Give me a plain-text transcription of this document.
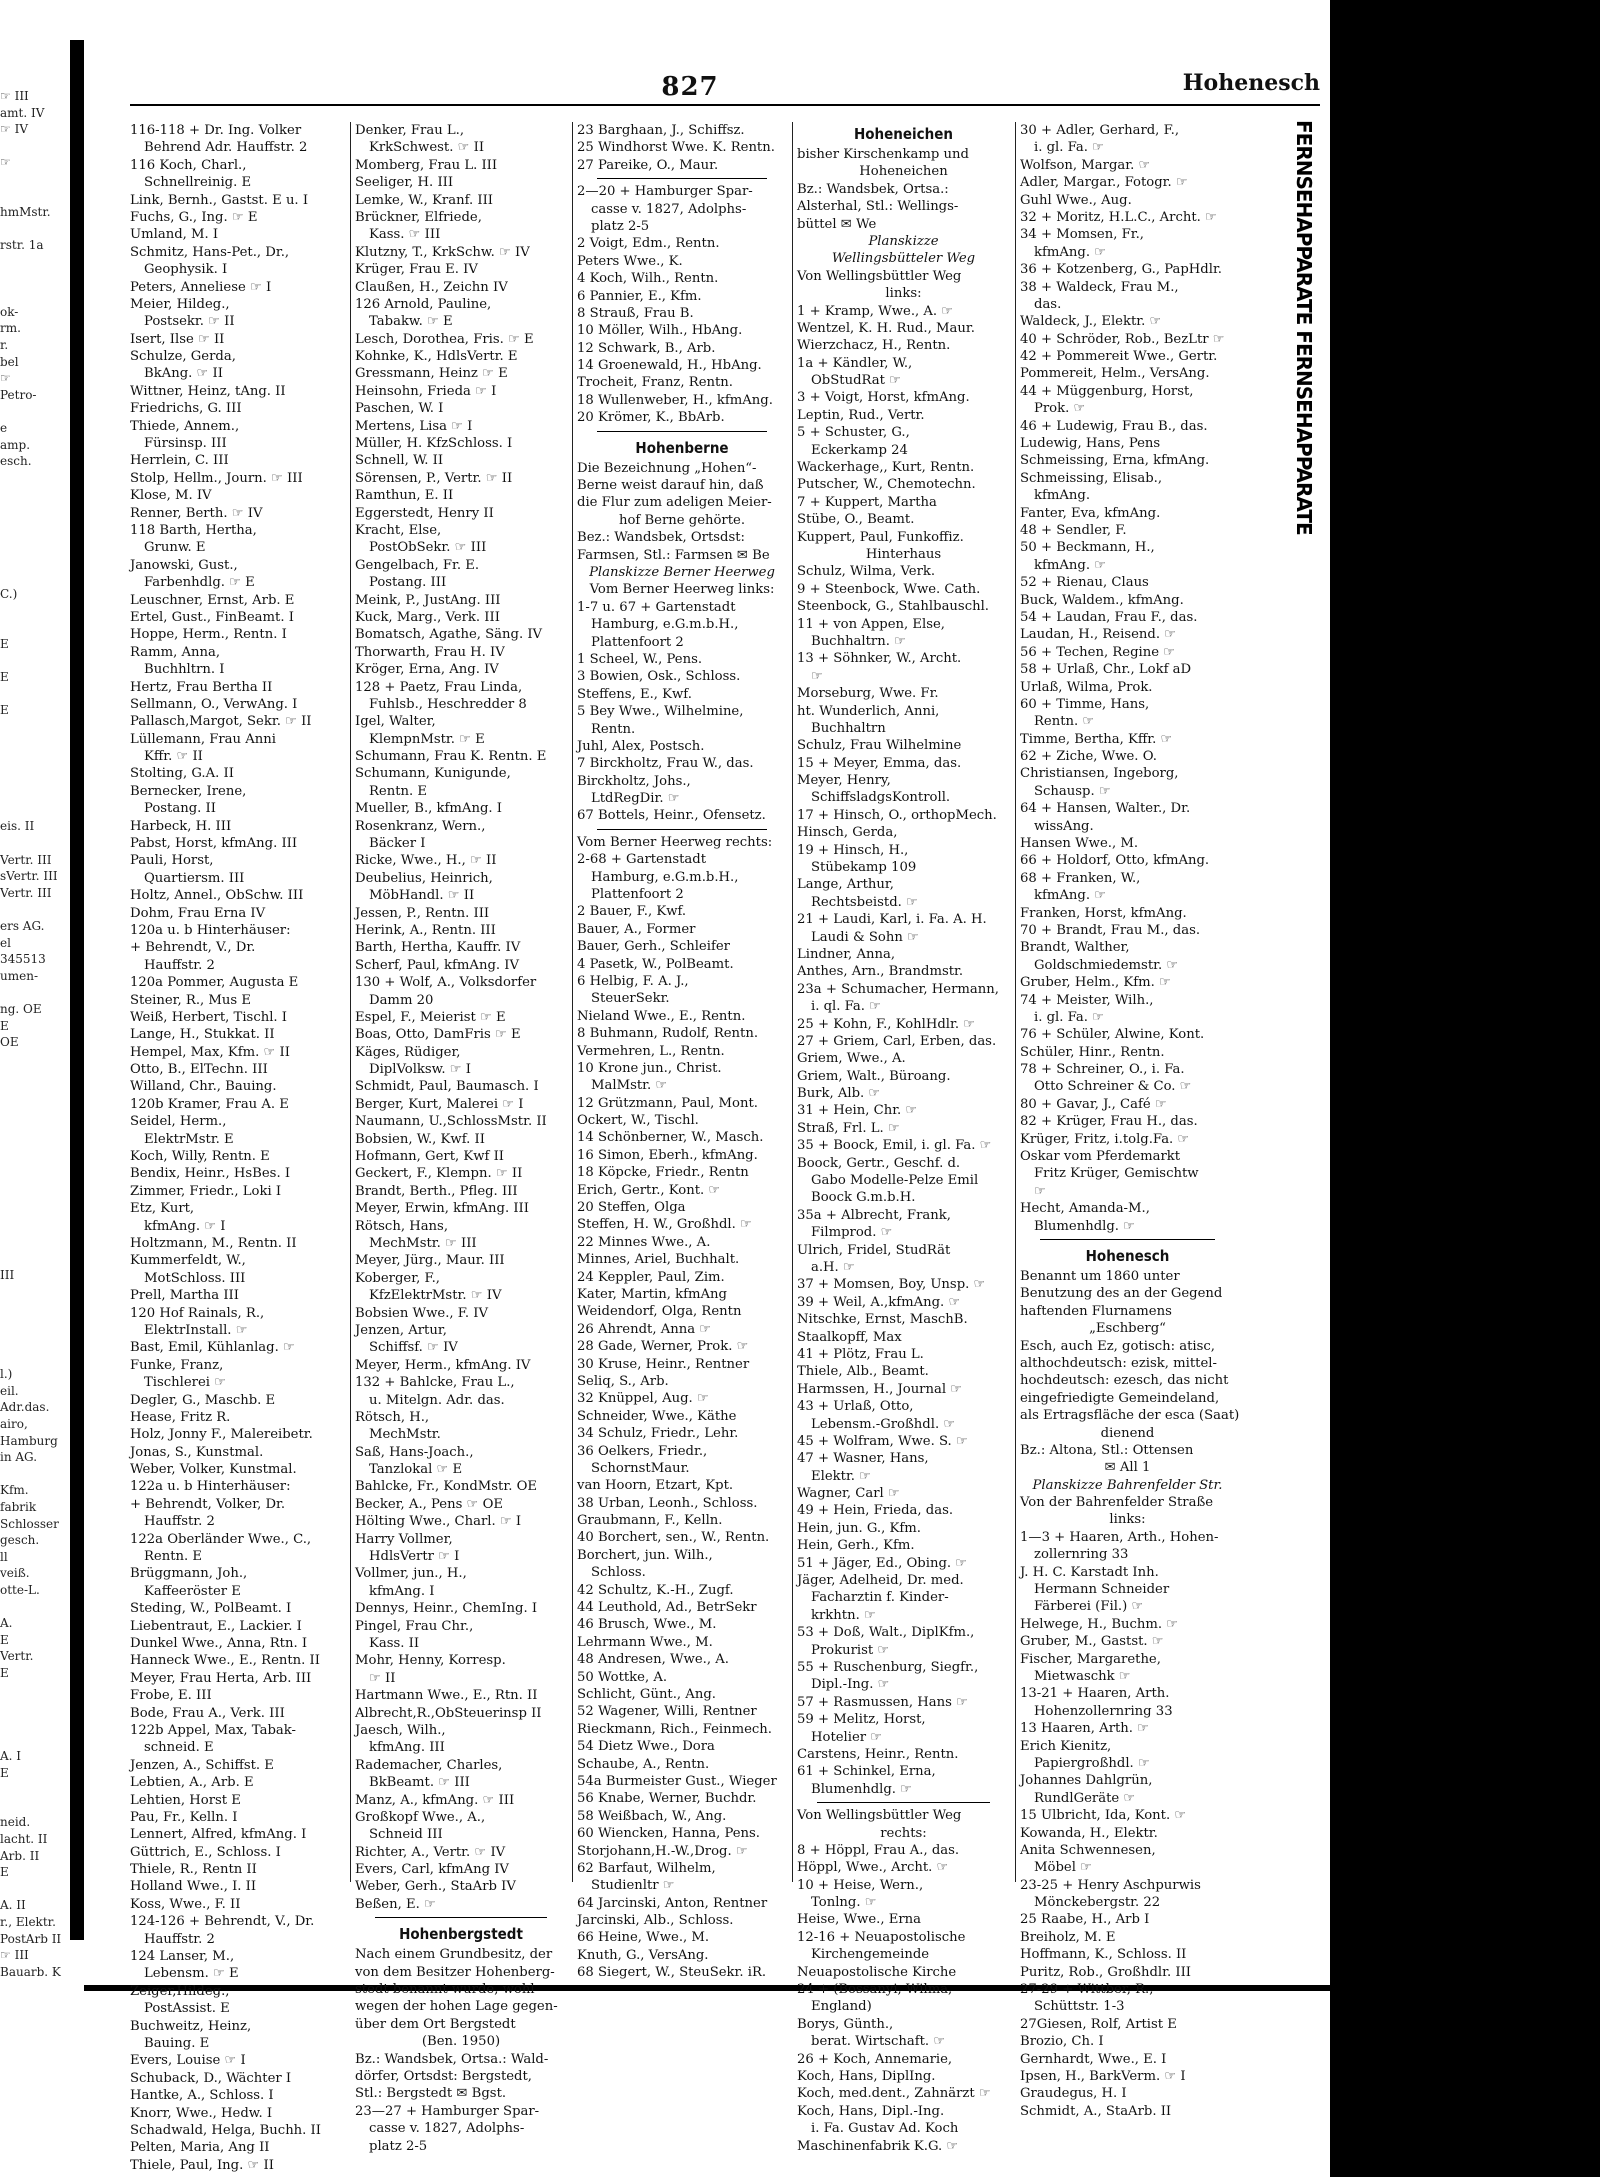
☞ III
amt. IV
☞ IV
☞
hmMstr.
rstr. 1a
ok-
rm.
r.
bel
☞
Petro-
e
amp.
esch.
C.)
E
E
E
eis. II
Vertr. III
sVertr. III
Vertr. III
ers AG.
el
345513
umen-
ng. OE
E
OE
III
l.)
eil.
Adr.das.
airo,
Hamburg
in AG.
Kfm.
fabrik
Schlosser
gesch.
ll
veiß.
otte-L.
A.
E
Vertr.
E
A. I
E
neid.
lacht. II
Arb. II
E
A. II
r., Elektr.
PostArb II
☞ III
Bauarb. K
827	Hohenesch
FERNSEHAPPARATE FERNSEHAPPARATE
116-118 + Dr. Ing. Volker
Behrend Adr. Hauffstr. 2
116 Koch, Charl.,
Schnellreinig. E
Link, Bernh., Gastst. E u. I
Fuchs, G., Ing. ☞ E
Umland, M. I
Schmitz, Hans-Pet., Dr.,
Geophysik. I
Peters, Anneliese ☞ I
Meier, Hildeg.,
Postsekr. ☞ II
Isert, Ilse ☞ II
Schulze, Gerda,
BkAng. ☞ II
Wittner, Heinz, tAng. II
Friedrichs, G. III
Thiede, Annem.,
Fürsinsp. III
Herrlein, C. III
Stolp, Hellm., Journ. ☞ III
Klose, M. IV
Renner, Berth. ☞ IV
118 Barth, Hertha,
Grunw. E
Janowski, Gust.,
Farbenhdlg. ☞ E
Leuschner, Ernst, Arb. E
Ertel, Gust., FinBeamt. I
Hoppe, Herm., Rentn. I
Ramm, Anna,
Buchhltrn. I
Hertz, Frau Bertha II
Sellmann, O., VerwAng. I
Pallasch,Margot, Sekr. ☞ II
Lüllemann, Frau Anni
Kffr. ☞ II
Stolting, G.A. II
Bernecker, Irene,
Postang. II
Harbeck, H. III
Pabst, Horst, kfmAng. III
Pauli, Horst,
Quartiersm. III
Holtz, Annel., ObSchw. III
Dohm, Frau Erna IV
120a u. b Hinterhäuser:
+ Behrendt, V., Dr.
Hauffstr. 2
120a Pommer, Augusta E
Steiner, R., Mus E
Weiß, Herbert, Tischl. I
Lange, H., Stukkat. II
Hempel, Max, Kfm. ☞ II
Otto, B., ElTechn. III
Willand, Chr., Bauing.
120b Kramer, Frau A. E
Seidel, Herm.,
ElektrMstr. E
Koch, Willy, Rentn. E
Bendix, Heinr., HsBes. I
Zimmer, Friedr., Loki I
Etz, Kurt,
kfmAng. ☞ I
Holtzmann, M., Rentn. II
Kummerfeldt, W.,
MotSchloss. III
Prell, Martha III
120 Hof Rainals, R.,
ElektrInstall. ☞
Bast, Emil, Kühlanlag. ☞
Funke, Franz,
Tischlerei ☞
Degler, G., Maschb. E
Hease, Fritz R.
Holz, Jonny F., Malereibetr.
Jonas, S., Kunstmal.
Weber, Volker, Kunstmal.
122a u. b Hinterhäuser:
+ Behrendt, Volker, Dr.
Hauffstr. 2
122a Oberländer Wwe., C.,
Rentn. E
Brüggmann, Joh.,
Kaffeeröster E
Steding, W., PolBeamt. I
Liebentraut, E., Lackier. I
Dunkel Wwe., Anna, Rtn. I
Hanneck Wwe., E., Rentn. II
Meyer, Frau Herta, Arb. III
Frobe, E. III
Bode, Frau A., Verk. III
122b Appel, Max, Tabak-
schneid. E
Jenzen, A., Schiffst. E
Lebtien, A., Arb. E
Lehtien, Horst E
Pau, Fr., Kelln. I
Lennert, Alfred, kfmAng. I
Güttrich, E., Schloss. I
Thiele, R., Rentn II
Holland Wwe., I. II
Koss, Wwe., F. II
124-126 + Behrendt, V., Dr.
Hauffstr. 2
124 Lanser, M.,
Lebensm. ☞ E
Zeiger,Hildeg.,
PostAssist. E
Buchweitz, Heinz,
Bauing. E
Evers, Louise ☞ I
Schuback, D., Wächter I
Hantke, A., Schloss. I
Knorr, Wwe., Hedw. I
Schadwald, Helga, Buchh. II
Pelten, Maria, Ang II
Thiele, Paul, Ing. ☞ II
Denker, Frau L.,
KrkSchwest. ☞ II
Momberg, Frau L. III
Seeliger, H. III
Lemke, W., Kranf. III
Brückner, Elfriede,
Kass. ☞ III
Klutzny, T., KrkSchw. ☞ IV
Krüger, Frau E. IV
Claußen, H., Zeichn IV
126 Arnold, Pauline,
Tabakw. ☞ E
Lesch, Dorothea, Fris. ☞ E
Kohnke, K., HdlsVertr. E
Gressmann, Heinz ☞ E
Heinsohn, Frieda ☞ I
Paschen, W. I
Mertens, Lisa ☞ I
Müller, H. KfzSchloss. I
Schnell, W. II
Sörensen, P., Vertr. ☞ II
Ramthun, E. II
Eggerstedt, Henry II
Kracht, Else,
PostObSekr. ☞ III
Gengelbach, Fr. E.
Postang. III
Meink, P., JustAng. III
Kuck, Marg., Verk. III
Bomatsch, Agathe, Säng. IV
Thorwarth, Frau H. IV
Kröger, Erna, Ang. IV
128 + Paetz, Frau Linda,
Fuhlsb., Heschredder 8
Igel, Walter,
KlempnMstr. ☞ E
Schumann, Frau K. Rentn. E
Schumann, Kunigunde,
Rentn. E
Mueller, B., kfmAng. I
Rosenkranz, Wern.,
Bäcker I
Ricke, Wwe., H., ☞ II
Deubelius, Heinrich,
MöbHandl. ☞ II
Jessen, P., Rentn. III
Herink, A., Rentn. III
Barth, Hertha, Kauffr. IV
Scherf, Paul, kfmAng. IV
130 + Wolf, A., Volksdorfer
Damm 20
Espel, F., Meierist ☞ E
Boas, Otto, DamFris ☞ E
Käges, Rüdiger,
DiplVolksw. ☞ I
Schmidt, Paul, Baumasch. I
Berger, Kurt, Malerei ☞ I
Naumann, U.,SchlossMstr. II
Bobsien, W., Kwf. II
Hofmann, Gert, Kwf II
Geckert, F., Klempn. ☞ II
Brandt, Berth., Pfleg. III
Meyer, Erwin, kfmAng. III
Rötsch, Hans,
MechMstr. ☞ III
Meyer, Jürg., Maur. III
Koberger, F.,
KfzElektrMstr. ☞ IV
Bobsien Wwe., F. IV
Jenzen, Artur,
Schiffsf. ☞ IV
Meyer, Herm., kfmAng. IV
132 + Bahlcke, Frau L.,
u. Mitelgn. Adr. das.
Rötsch, H.,
MechMstr.
Saß, Hans-Joach.,
Tanzlokal ☞ E
Bahlcke, Fr., KondMstr. OE
Becker, A., Pens ☞ OE
Hölting Wwe., Charl. ☞ I
Harry Vollmer,
HdlsVertr ☞ I
Vollmer, jun., H.,
kfmAng. I
Dennys, Heinr., ChemIng. I
Pingel, Frau Chr.,
Kass. II
Mohr, Henny, Korresp.
☞ II
Hartmann Wwe., E., Rtn. II
Albrecht,R.,ObSteuerinsp II
Jaesch, Wilh.,
kfmAng. III
Rademacher, Charles,
BkBeamt. ☞ III
Manz, A., kfmAng. ☞ III
Großkopf Wwe., A.,
Schneid III
Richter, A., Vertr. ☞ IV
Evers, Carl, kfmAng IV
Weber, Gerh., StaArb IV
Beßen, E. ☞
Hohenbergstedt
Nach einem Grundbesitz, der
von dem Besitzer Hohenberg-
stedt benannt wurde, wohl
wegen der hohen Lage gegen-
über dem Ort Bergstedt
(Ben. 1950)
Bz.: Wandsbek, Ortsa.: Wald-
dörfer, Ortsdst: Bergstedt,
Stl.: Bergstedt ✉ Bgst.
23—27 + Hamburger Spar-
casse v. 1827, Adolphs-
platz 2-5
23 Barghaan, J., Schiffsz.
25 Windhorst Wwe. K. Rentn.
27 Pareike, O., Maur.
2—20 + Hamburger Spar-
casse v. 1827, Adolphs-
platz 2-5
2 Voigt, Edm., Rentn.
Peters Wwe., K.
4 Koch, Wilh., Rentn.
6 Pannier, E., Kfm.
8 Strauß, Frau B.
10 Möller, Wilh., HbAng.
12 Schwark, B., Arb.
14 Groenewald, H., HbAng.
Trocheit, Franz, Rentn.
18 Wullenweber, H., kfmAng.
20 Krömer, K., BbArb.
Hohenberne
Die Bezeichnung „Hohen“-
Berne weist darauf hin, daß
die Flur zum adeligen Meier-
hof Berne gehörte.
Bez.: Wandsbek, Ortsdst:
Farmsen, Stl.: Farmsen ✉ Be
Planskizze Berner Heerweg
Vom Berner Heerweg links:
1-7 u. 67 + Gartenstadt
Hamburg, e.G.m.b.H.,
Plattenfoort 2
1 Scheel, W., Pens.
3 Bowien, Osk., Schloss.
Steffens, E., Kwf.
5 Bey Wwe., Wilhelmine,
Rentn.
Juhl, Alex, Postsch.
7 Birckholtz, Frau W., das.
Birckholtz, Johs.,
LtdRegDir. ☞
67 Bottels, Heinr., Ofensetz.
Vom Berner Heerweg rechts:
2-68 + Gartenstadt
Hamburg, e.G.m.b.H.,
Plattenfoort 2
2 Bauer, F., Kwf.
Bauer, A., Former
Bauer, Gerh., Schleifer
4 Pasetk, W., PolBeamt.
6 Helbig, F. A. J.,
SteuerSekr.
Nieland Wwe., E., Rentn.
8 Buhmann, Rudolf, Rentn.
Vermehren, L., Rentn.
10 Krone jun., Christ.
MalMstr. ☞
12 Grützmann, Paul, Mont.
Ockert, W., Tischl.
14 Schönberner, W., Masch.
16 Simon, Eberh., kfmAng.
18 Köpcke, Friedr., Rentn
Erich, Gertr., Kont. ☞
20 Steffen, Olga
Steffen, H. W., Großhdl. ☞
22 Minnes Wwe., A.
Minnes, Ariel, Buchhalt.
24 Keppler, Paul, Zim.
Kater, Martin, kfmAng
Weidendorf, Olga, Rentn
26 Ahrendt, Anna ☞
28 Gade, Werner, Prok. ☞
30 Kruse, Heinr., Rentner
Seliq, S., Arb.
32 Knüppel, Aug. ☞
Schneider, Wwe., Käthe
34 Schulz, Friedr., Lehr.
36 Oelkers, Friedr.,
SchornstMaur.
van Hoorn, Etzart, Kpt.
38 Urban, Leonh., Schloss.
Graubmann, F., Kelln.
40 Borchert, sen., W., Rentn.
Borchert, jun. Wilh.,
Schloss.
42 Schultz, K.-H., Zugf.
44 Leuthold, Ad., BetrSekr
46 Brusch, Wwe., M.
Lehrmann Wwe., M.
48 Andresen, Wwe., A.
50 Wottke, A.
Schlicht, Günt., Ang.
52 Wagener, Willi, Rentner
Rieckmann, Rich., Feinmech.
54 Dietz Wwe., Dora
Schaube, A., Rentn.
54a Burmeister Gust., Wieger
56 Knabe, Werner, Buchdr.
58 Weißbach, W., Ang.
60 Wiencken, Hanna, Pens.
Storjohann,H.-W.,Drog. ☞
62 Barfaut, Wilhelm,
Studienltr ☞
64 Jarcinski, Anton, Rentner
Jarcinski, Alb., Schloss.
66 Heine, Wwe., M.
Knuth, G., VersAng.
68 Siegert, W., SteuSekr. iR.
Hoheneichen
bisher Kirschenkamp und
Hoheneichen
Bz.: Wandsbek, Ortsa.:
Alsterhal, Stl.: Wellings-
büttel ✉ We
Planskizze
Wellingsbütteler Weg
Von Wellingsbüttler Weg
links:
1 + Kramp, Wwe., A. ☞
Wentzel, K. H. Rud., Maur.
Wierzchacz, H., Rentn.
1a + Kändler, W.,
ObStudRat ☞
3 + Voigt, Horst, kfmAng.
Leptin, Rud., Vertr.
5 + Schuster, G.,
Eckerkamp 24
Wackerhage,, Kurt, Rentn.
Putscher, W., Chemotechn.
7 + Kuppert, Martha
Stübe, O., Beamt.
Kuppert, Paul, Funkoffiz.
Hinterhaus
Schulz, Wilma, Verk.
9 + Steenbock, Wwe. Cath.
Steenbock, G., Stahlbauschl.
11 + von Appen, Else,
Buchhaltrn. ☞
13 + Söhnker, W., Archt.
☞
Morseburg, Wwe. Fr.
ht. Wunderlich, Anni,
Buchhaltrn
Schulz, Frau Wilhelmine
15 + Meyer, Emma, das.
Meyer, Henry,
SchiffsladgsKontroll.
17 + Hinsch, O., orthopMech.
Hinsch, Gerda,
19 + Hinsch, H.,
Stübekamp 109
Lange, Arthur,
Rechtsbeistd. ☞
21 + Laudi, Karl, i. Fa. A. H.
Laudi & Sohn ☞
Lindner, Anna,
Anthes, Arn., Brandmstr.
23a + Schumacher, Hermann,
i. ql. Fa. ☞
25 + Kohn, F., KohlHdlr. ☞
27 + Griem, Carl, Erben, das.
Griem, Wwe., A.
Griem, Walt., Büroang.
Burk, Alb. ☞
31 + Hein, Chr. ☞
Straß, Frl. L. ☞
35 + Boock, Emil, i. gl. Fa. ☞
Boock, Gertr., Geschf. d.
Gabo Modelle-Pelze Emil
Boock G.m.b.H.
35a + Albrecht, Frank,
Filmprod. ☞
Ulrich, Fridel, StudRät
a.H. ☞
37 + Momsen, Boy, Unsp. ☞
39 + Weil, A.,kfmAng. ☞
Nitschke, Ernst, MaschB.
Staalkopff, Max
41 + Plötz, Frau L.
Thiele, Alb., Beamt.
Harmssen, H., Journal ☞
43 + Urlaß, Otto,
Lebensm.-Großhdl. ☞
45 + Wolfram, Wwe. S. ☞
47 + Wasner, Hans,
Elektr. ☞
Wagner, Carl ☞
49 + Hein, Frieda, das.
Hein, jun. G., Kfm.
Hein, Gerh., Kfm.
51 + Jäger, Ed., Obing. ☞
Jäger, Adelheid, Dr. med.
Facharztin f. Kinder-
krkhtn. ☞
53 + Doß, Walt., DiplKfm.,
Prokurist ☞
55 + Ruschenburg, Siegfr.,
Dipl.-Ing. ☞
57 + Rasmussen, Hans ☞
59 + Melitz, Horst,
Hotelier ☞
Carstens, Heinr., Rentn.
61 + Schinkel, Erna,
Blumenhdlg. ☞
Von Wellingsbüttler Weg
rechts:
8 + Höppl, Frau A., das.
Höppl, Wwe., Archt. ☞
10 + Heise, Wern.,
Tonlng. ☞
Heise, Wwe., Erna
12-16 + Neuapostolische
Kirchengemeinde
Neuapostolische Kirche
24 + (Bossanyi, Wilma,
England)
Borys, Günth.,
berat. Wirtschaft. ☞
26 + Koch, Annemarie,
Koch, Hans, DiplIng.
Koch, med.dent., Zahnärzt ☞
Koch, Hans, Dipl.-Ing.
i. Fa. Gustav Ad. Koch
Maschinenfabrik K.G. ☞
30 + Adler, Gerhard, F.,
i. gl. Fa. ☞
Wolfson, Margar. ☞
Adler, Margar., Fotogr. ☞
Guhl Wwe., Aug.
32 + Moritz, H.L.C., Archt. ☞
34 + Momsen, Fr.,
kfmAng. ☞
36 + Kotzenberg, G., PapHdlr.
38 + Waldeck, Frau M.,
das.
Waldeck, J., Elektr. ☞
40 + Schröder, Rob., BezLtr ☞
42 + Pommereit Wwe., Gertr.
Pommereit, Helm., VersAng.
44 + Müggenburg, Horst,
Prok. ☞
46 + Ludewig, Frau B., das.
Ludewig, Hans, Pens
Schmeissing, Erna, kfmAng.
Schmeissing, Elisab.,
kfmAng.
Fanter, Eva, kfmAng.
48 + Sendler, F.
50 + Beckmann, H.,
kfmAng. ☞
52 + Rienau, Claus
Buck, Waldem., kfmAng.
54 + Laudan, Frau F., das.
Laudan, H., Reisend. ☞
56 + Techen, Regine ☞
58 + Urlaß, Chr., Lokf aD
Urlaß, Wilma, Prok.
60 + Timme, Hans,
Rentn. ☞
Timme, Bertha, Kffr. ☞
62 + Ziche, Wwe. O.
Christiansen, Ingeborg,
Schausp. ☞
64 + Hansen, Walter., Dr.
wissAng.
Hansen Wwe., M.
66 + Holdorf, Otto, kfmAng.
68 + Franken, W.,
kfmAng. ☞
Franken, Horst, kfmAng.
70 + Brandt, Frau M., das.
Brandt, Walther,
Goldschmiedemstr. ☞
Gruber, Helm., Kfm. ☞
74 + Meister, Wilh.,
i. gl. Fa. ☞
76 + Schüler, Alwine, Kont.
Schüler, Hinr., Rentn.
78 + Schreiner, O., i. Fa.
Otto Schreiner & Co. ☞
80 + Gavar, J., Café ☞
82 + Krüger, Frau H., das.
Krüger, Fritz, i.tolg.Fa. ☞
Oskar vom Pferdemarkt
Fritz Krüger, Gemischtw
☞
Hecht, Amanda-M.,
Blumenhdlg. ☞
Hohenesch
Benannt um 1860 unter
Benutzung des an der Gegend
haftenden Flurnamens
„Eschberg“
Esch, auch Ez, gotisch: atisc,
althochdeutsch: ezisk, mittel-
hochdeutsch: ezesch, das nicht
eingefriedigte Gemeindeland,
als Ertragsfläche der esca (Saat)
dienend
Bz.: Altona, Stl.: Ottensen
✉ All 1
Planskizze Bahrenfelder Str.
Von der Bahrenfelder Straße
links:
1—3 + Haaren, Arth., Hohen-
zollernring 33
J. H. C. Karstadt Inh.
Hermann Schneider
Färberei (Fil.) ☞
Helwege, H., Buchm. ☞
Gruber, M., Gastst. ☞
Fischer, Margarethe,
Mietwaschk ☞
13-21 + Haaren, Arth.
Hohenzollernring 33
13 Haaren, Arth. ☞
Erich Kienitz,
Papiergroßhdl. ☞
Johannes Dahlgrün,
RundlGeräte ☞
15 Ulbricht, Ida, Kont. ☞
Kowanda, H., Elektr.
Anita Schwennesen,
Möbel ☞
23-25 + Henry Aschpurwis
Mönckebergstr. 22
25 Raabe, H., Arb I
Breiholz, M. E
Hoffmann, K., Schloss. II
Puritz, Rob., Großhdlr. III
27-29 + Wittber, R.,
Schüttstr. 1-3
27Giesen, Rolf, Artist E
Brozio, Ch. I
Gernhardt, Wwe., E. I
Ipsen, H., BarkVerm. ☞ I
Graudegus, H. I
Schmidt, A., StaArb. II
